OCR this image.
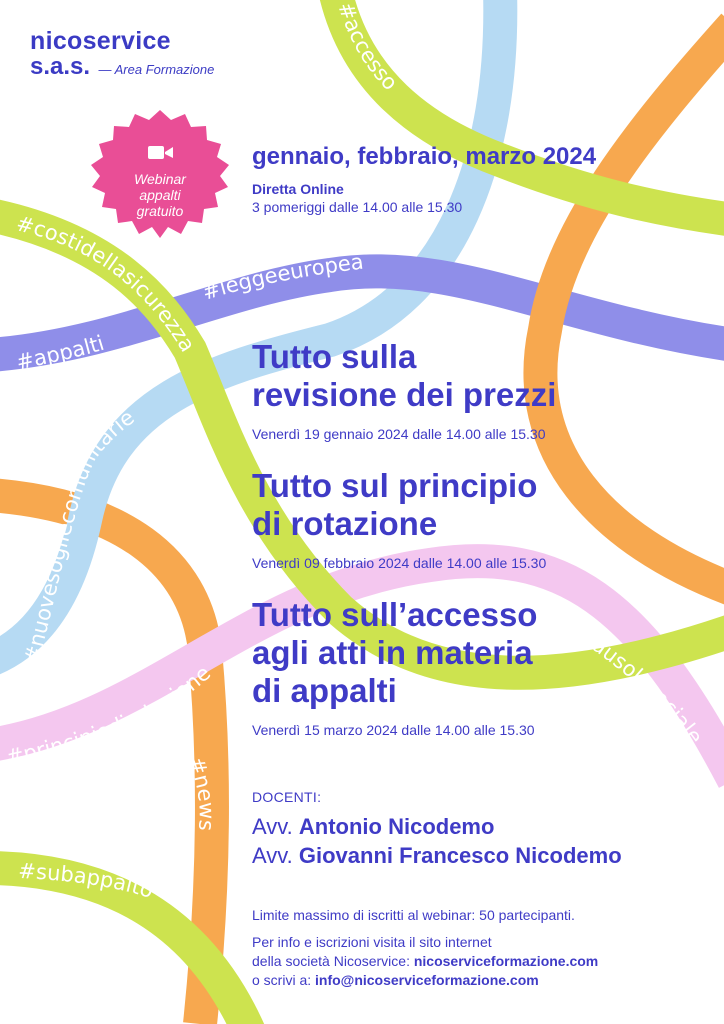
#accesso
#sottosoglia
#costidellasicurezza
#leggeeuropea
#appalti
#nuovesogliecomunitarie
#principiodirotazione
#clausolasociale
#news
#subappalto
nicoservice
s.a.s. — Area Formazione
Webinar
appalti
gratuito
gennaio, febbraio, marzo 2024
Diretta Online
3 pomeriggi dalle 14.00 alle 15.30
Tutto sulla
revisione dei prezzi
Venerdì 19 gennaio 2024 dalle 14.00 alle 15.30
Tutto sul principio
di rotazione
Venerdì 09 febbraio 2024 dalle 14.00 alle 15.30
Tutto sull’accesso
agli atti in materia
di appalti
Venerdì 15 marzo 2024 dalle 14.00 alle 15.30
DOCENTI:
Avv. Antonio Nicodemo
Avv. Giovanni Francesco Nicodemo
Limite massimo di iscritti al webinar: 50 partecipanti.
Per info e iscrizioni visita il sito internet
della società Nicoservice: nicoserviceformazione.com
o scrivi a: info@nicoserviceformazione.com
